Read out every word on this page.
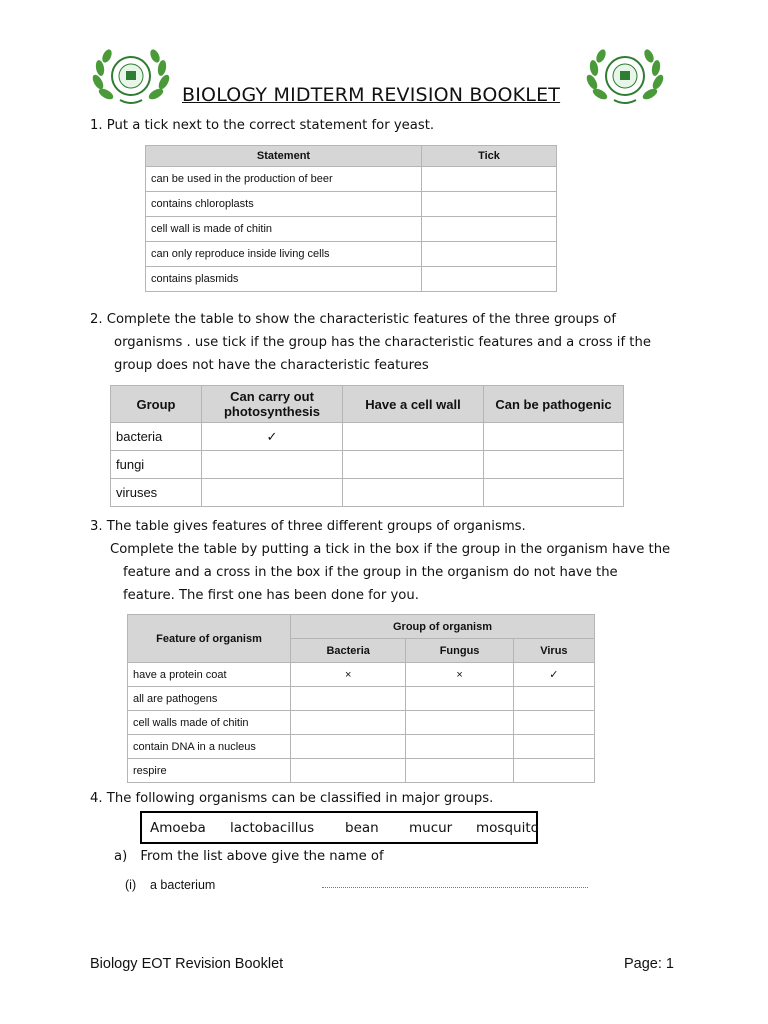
BIOLOGY MIDTERM REVISION BOOKLET
1. Put a tick next to the correct statement for yeast.
Statement	Tick
can be used in the production of beer	
contains chloroplasts	
cell wall is made of chitin	
can only reproduce inside living cells	
contains plasmids	
2. Complete the table to show the characteristic features of the three groups of
organisms . use tick if the group has the characteristic features and a cross if the
group does not have the characteristic features
Group	Can carry out photosynthesis	Have a cell wall	Can be pathogenic
bacteria	✓		
fungi			
viruses			
3. The table gives features of three different groups of organisms.
Complete the table by putting a tick in the box if the group in the organism have the
feature and a cross in the box if the group in the organism do not have the
feature. The first one has been done for you.
Feature of organism	Group of organism		
	Bacteria	Fungus	Virus
have a protein coat	×	×	✓
all are pathogens			
cell walls made of chitin			
contain DNA in a nucleus			
respire			
4. The following organisms can be classified in major groups.
Amoeba lactobacillus bean mucur mosquito
a) From the list above give the name of
(i) a bacterium
Biology EOT Revision Booklet	Page: 1
